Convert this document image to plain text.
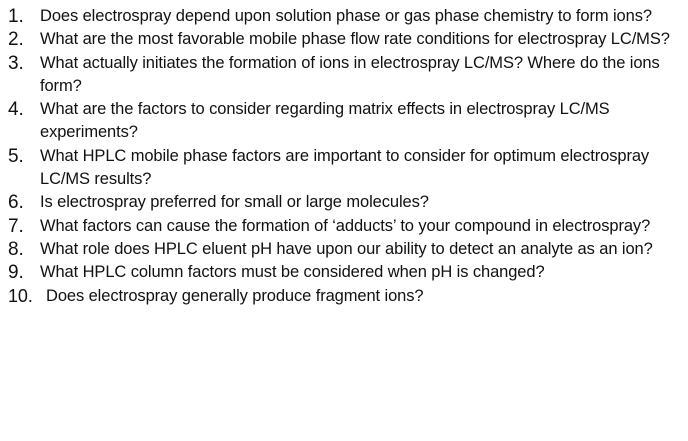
1. Does electrospray depend upon solution phase or gas phase chemistry to form ions?
2. What are the most favorable mobile phase flow rate conditions for electrospray LC/MS?
3. What actually initiates the formation of ions in electrospray LC/MS? Where do the ions form?
4. What are the factors to consider regarding matrix effects in electrospray LC/MS experiments?
5. What HPLC mobile phase factors are important to consider for optimum electrospray LC/MS results?
6. Is electrospray preferred for small or large molecules?
7. What factors can cause the formation of ‘adducts’ to your compound in electrospray?
8. What role does HPLC eluent pH have upon our ability to detect an analyte as an ion?
9. What HPLC column factors must be considered when pH is changed?
10. Does electrospray generally produce fragment ions?
